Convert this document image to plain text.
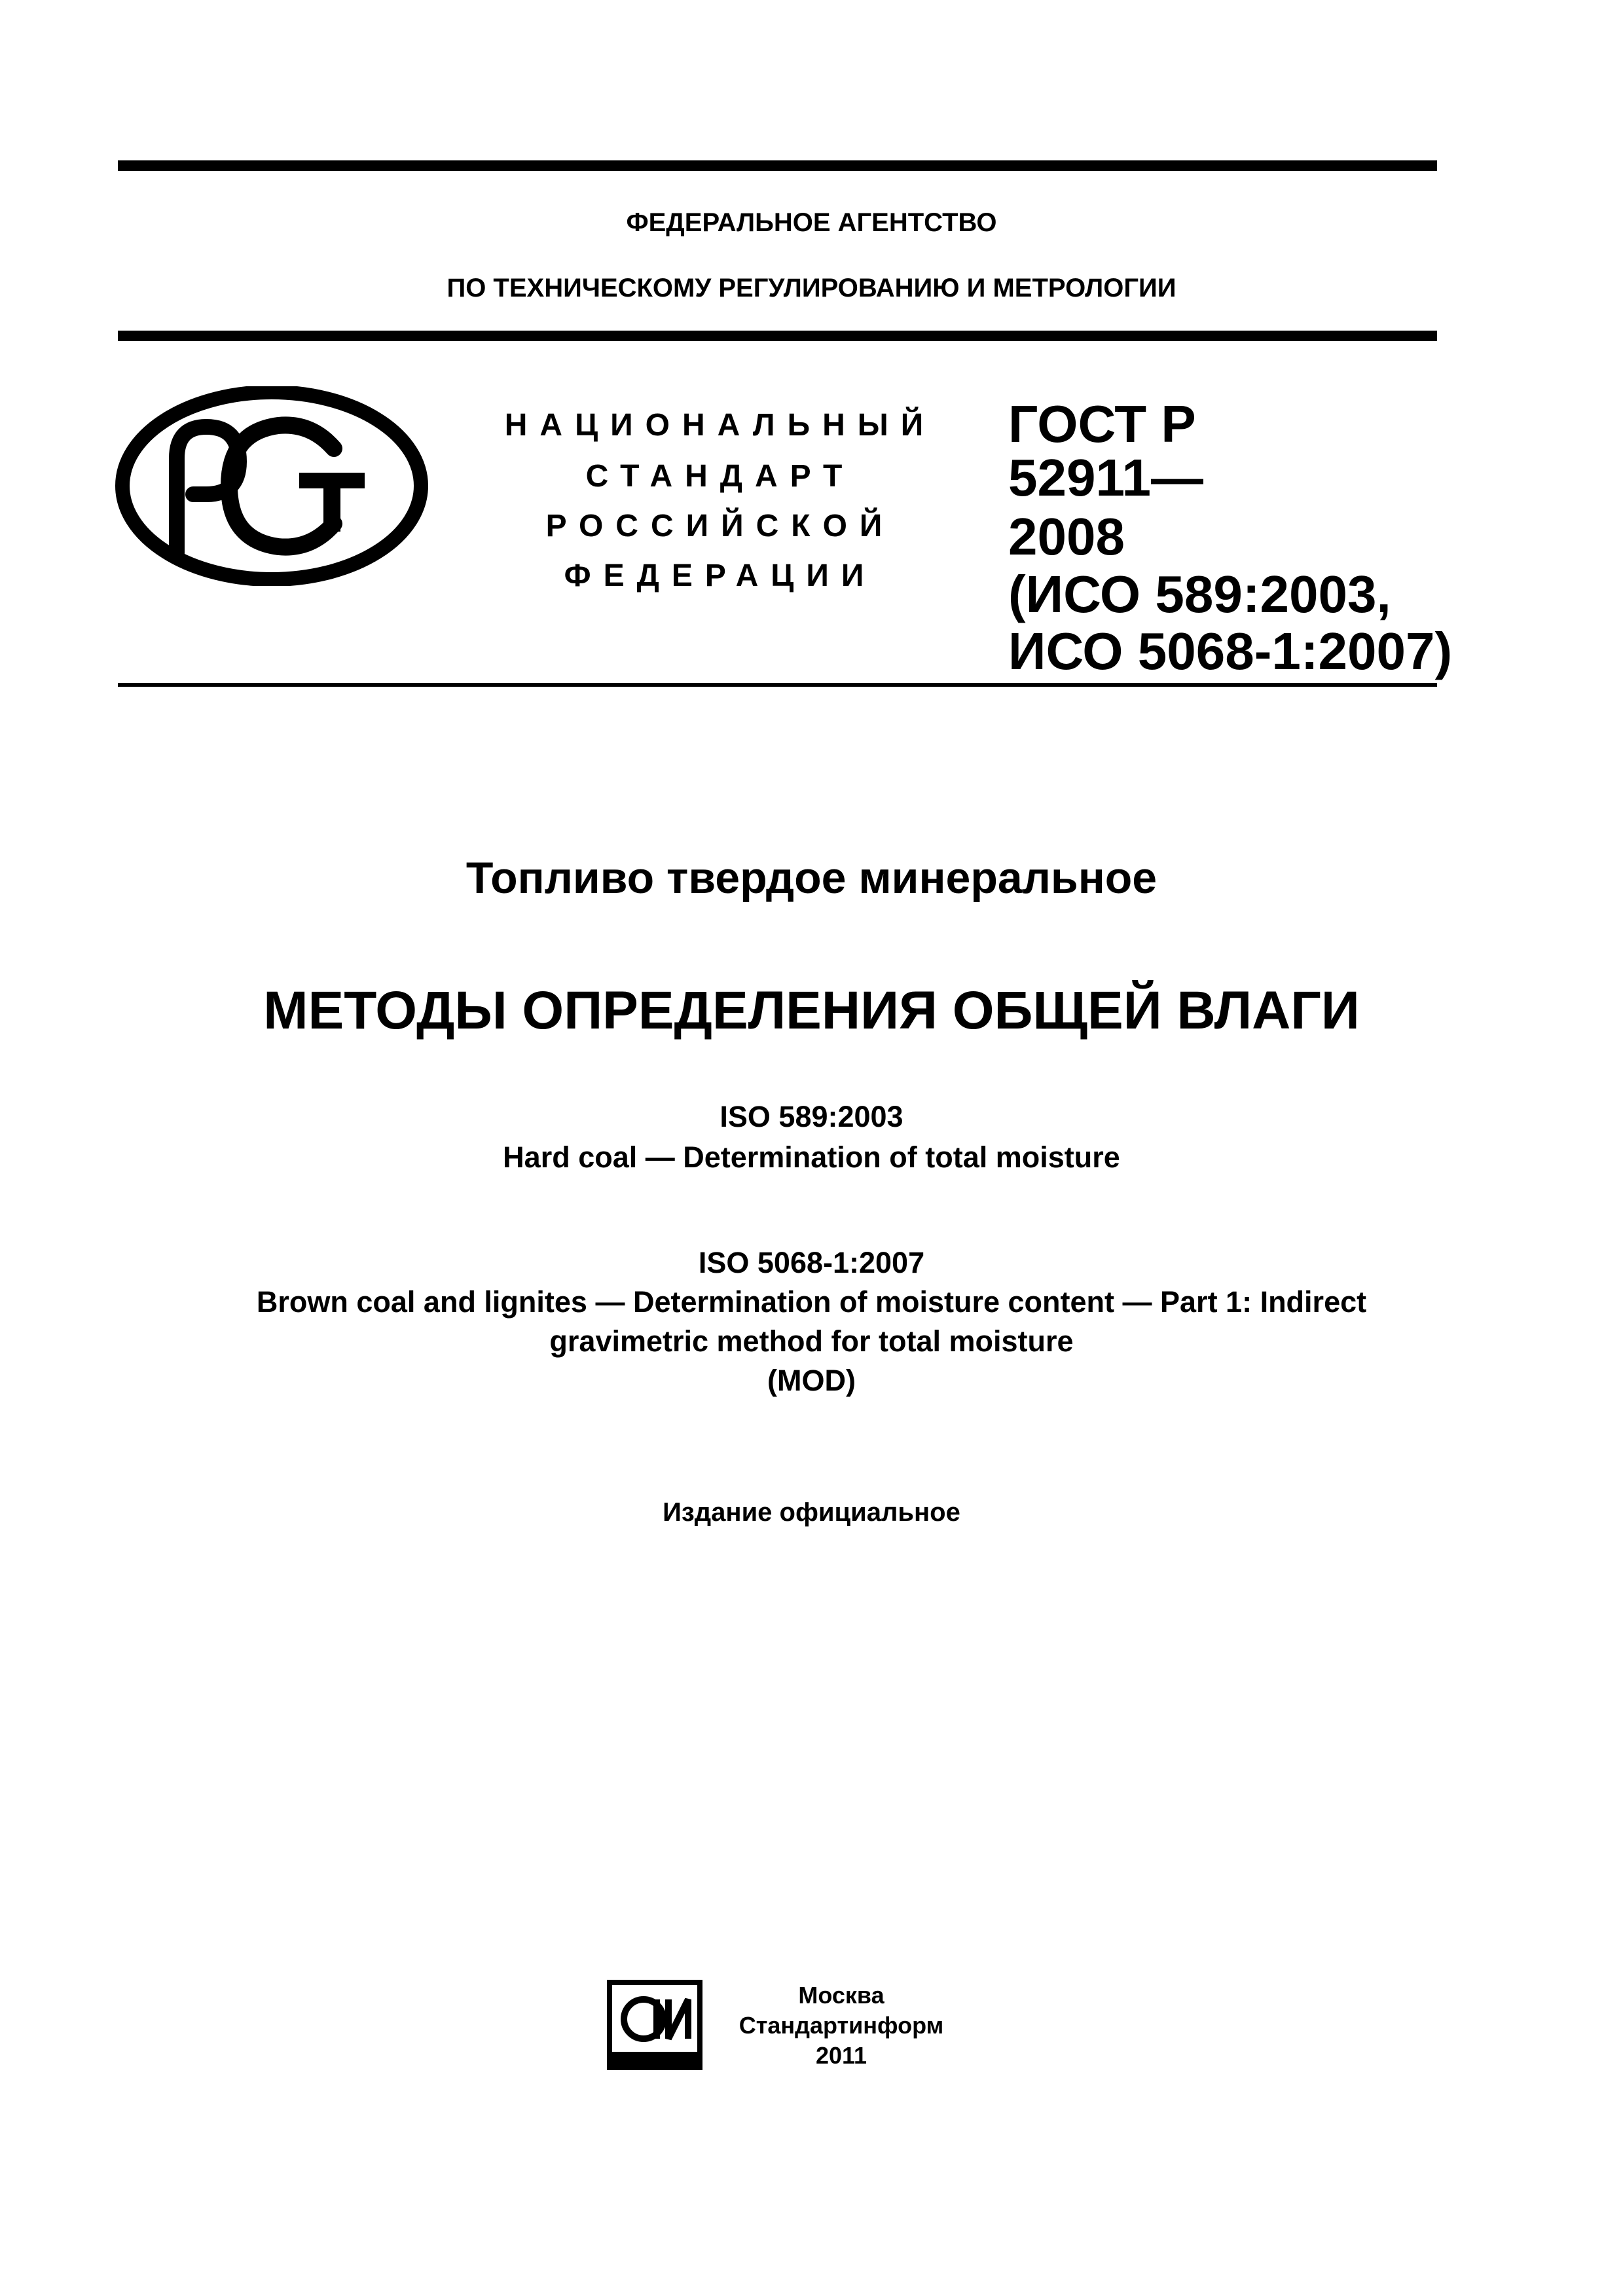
ФЕДЕРАЛЬНОЕ АГЕНТСТВО
ПО ТЕХНИЧЕСКОМУ РЕГУЛИРОВАНИЮ И МЕТРОЛОГИИ
НАЦИОНАЛЬНЫЙ
СТАНДАРТ
РОССИЙСКОЙ
ФЕДЕРАЦИИ
ГОСТ Р
52911—
2008
(ИСО 589:2003,
ИСО 5068-1:2007)
Топливо твердое минеральное
МЕТОДЫ ОПРЕДЕЛЕНИЯ ОБЩЕЙ ВЛАГИ
ISO 589:2003
Hard coal — Determination of total moisture
ISO 5068-1:2007
Brown coal and lignites — Determination of moisture content — Part 1: Indirect
gravimetric method for total moisture
(MOD)
Издание официальное
Москва
Стандартинформ
2011
